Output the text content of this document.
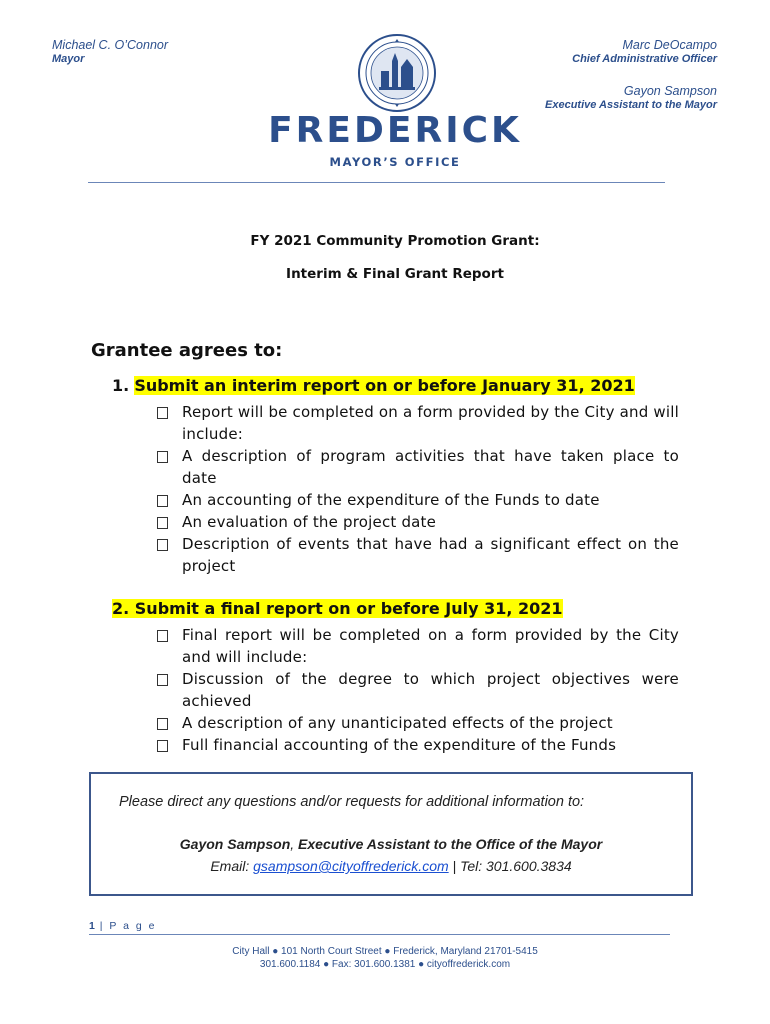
Michael C. O’Connor
Mayor
Marc DeOcampo
Chief Administrative Officer
Gayon Sampson
Executive Assistant to the Mayor
FREDERICK
MAYOR’S OFFICE
FY 2021 Community Promotion Grant:
Interim & Final Grant Report
Grantee agrees to:
1. Submit an interim report on or before January 31, 2021
Report will be completed on a form provided by the City and will include:
A description of program activities that have taken place to date
An accounting of the expenditure of the Funds to date
An evaluation of the project date
Description of events that have had a significant effect on the project
2. Submit a final report on or before July 31, 2021
Final report will be completed on a form provided by the City and will include:
Discussion of the degree to which project objectives were achieved
A description of any unanticipated effects of the project
Full financial accounting of the expenditure of the Funds
Please direct any questions and/or requests for additional information to:
Gayon Sampson, Executive Assistant to the Office of the Mayor
Email: gsampson@cityoffrederick.com | Tel: 301.600.3834
1 | P a g e
City Hall ● 101 North Court Street ● Frederick, Maryland 21701-5415
301.600.1184 ● Fax: 301.600.1381 ● cityoffrederick.com
